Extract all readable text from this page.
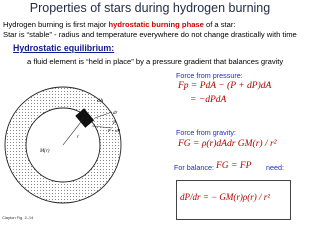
Properties of stars during hydrogen burning
Hydrogen burning is first major hydrostatic burning phase of a star:
Star is “stable” - radius and temperature everywhere do not change drastically with time
Hydrostatic equilibrium:
a fluid element is “held in place” by a pressure gradient that balances gravity
dA
dr
P
P + dP
r
M(r)
Force from pressure:
Fp = PdA − (P + dP)dA
= −dPdA
Force from gravity:
FG = ρ(r)dAdr GM(r) / r²
For balance: FG = FP need:
dP/dr = − GM(r)ρ(r) / r²
Clayton Fig. 2–14
